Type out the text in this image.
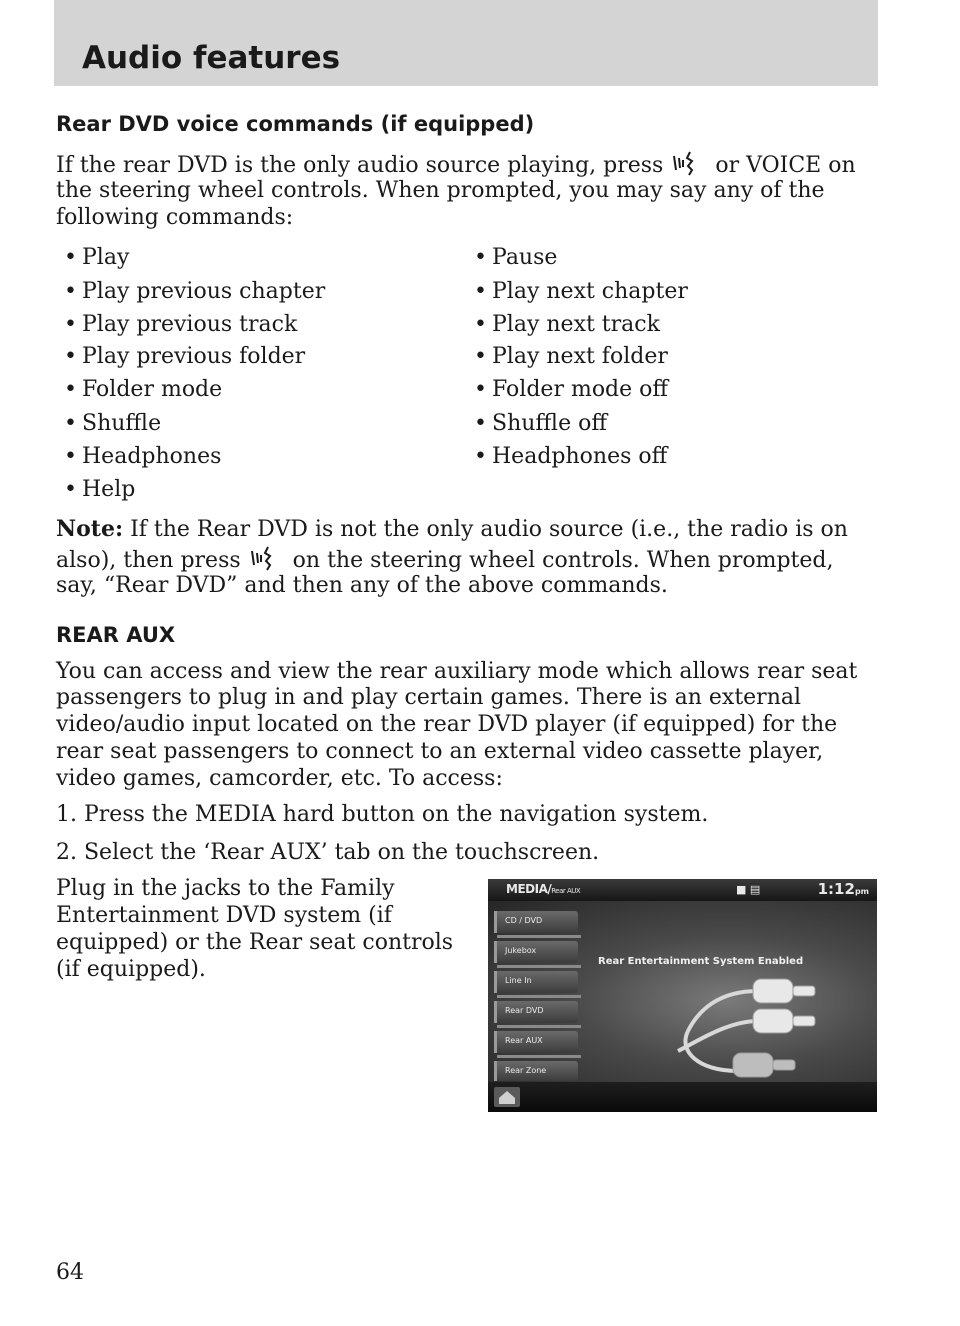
Audio features
Rear DVD voice commands (if equipped)
If the rear DVD is the only audio source playing, press or VOICE on
the steering wheel controls. When prompted, you may say any of the
following commands:
• Play
• Play previous chapter
• Play previous track
• Play previous folder
• Folder mode
• Shuffle
• Headphones
• Help
• Pause
• Play next chapter
• Play next track
• Play next folder
• Folder mode off
• Shuffle off
• Headphones off
Note: If the Rear DVD is not the only audio source (i.e., the radio is on
also), then press on the steering wheel controls. When prompted,
say, “Rear DVD” and then any of the above commands.
REAR AUX
You can access and view the rear auxiliary mode which allows rear seat
passengers to plug in and play certain games. There is an external
video/audio input located on the rear DVD player (if equipped) for the
rear seat passengers to connect to an external video cassette player,
video games, camcorder, etc. To access:
1. Press the MEDIA hard button on the navigation system.
2. Select the ‘Rear AUX’ tab on the touchscreen.
Plug in the jacks to the Family
Entertainment DVD system (if
equipped) or the Rear seat controls
(if equipped).
MEDIA/Rear AUX	■ ▤	1:12pm
CD / DVD
Jukebox
Line In
Rear DVD
Rear AUX
Rear Zone
Rear Entertainment System Enabled
64
